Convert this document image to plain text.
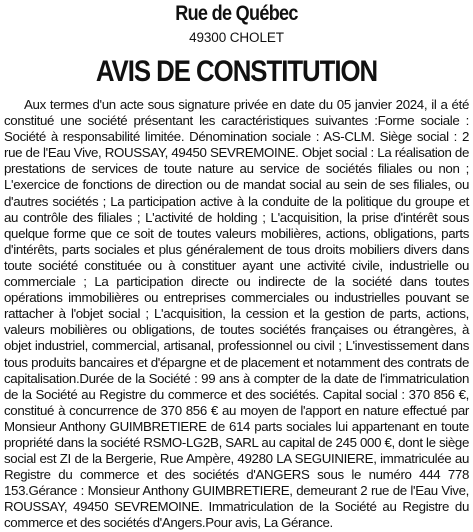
Rue de Québec
49300 CHOLET
AVIS DE CONSTITUTION

Aux termes d'un acte sous signature privée en date du 05 janvier 2024, il a été constitué une société présentant les caractéristiques suivantes :Forme sociale : Société à responsabilité limitée. Dénomination sociale : AS-CLM. Siège social : 2 rue de l'Eau Vive, ROUSSAY, 49450 SEVREMOINE. Objet social : La réalisation de prestations de services de toute nature au service de sociétés filiales ou non ; L'exercice de fonctions de direction ou de mandat social au sein de ses filiales, ou d'autres sociétés ; La participation active à la conduite de la politique du groupe et au contrôle des filiales ; L'activité de holding ; L'acquisition, la prise d'intérêt sous quelque forme que ce soit de toutes valeurs mobilières, actions, obligations, parts d'intérêts, parts sociales et plus généralement de tous droits mobiliers divers dans toute société constituée ou à constituer ayant une activité civile, industrielle ou commerciale ; La participation directe ou indirecte de la société dans toutes opérations immobilières ou entreprises commerciales ou industrielles pouvant se rattacher à l'objet social ; L'acquisition, la cession et la gestion de parts, actions, valeurs mobilières ou obligations, de toutes sociétés françaises ou étrangères, à objet industriel, commercial, artisanal, professionnel ou civil ; L'investissement dans tous produits bancaires et d'épargne et de placement et notamment des contrats de capitalisation.Durée de la Société : 99 ans à compter de la date de l'immatriculation de la Société au Registre du commerce et des sociétés. Capital social : 370 856 €, constitué à concurrence de 370 856 € au moyen de l'apport en nature effectué par Monsieur Anthony GUIMBRETIERE de 614 parts sociales lui appartenant en toute propriété dans la société RSMO-LG2B, SARL au capital de 245 000 €, dont le siège social est ZI de la Bergerie, Rue Ampère, 49280 LA SEGUINIERE, immatriculée au Registre du commerce et des sociétés d'ANGERS sous le numéro 444 778 153.Gérance : Monsieur Anthony GUIMBRETIERE, demeurant 2 rue de l'Eau Vive, ROUSSAY, 49450 SEVREMOINE. Immatriculation de la Société au Registre du commerce et des sociétés d'Angers.Pour avis, La Gérance.
